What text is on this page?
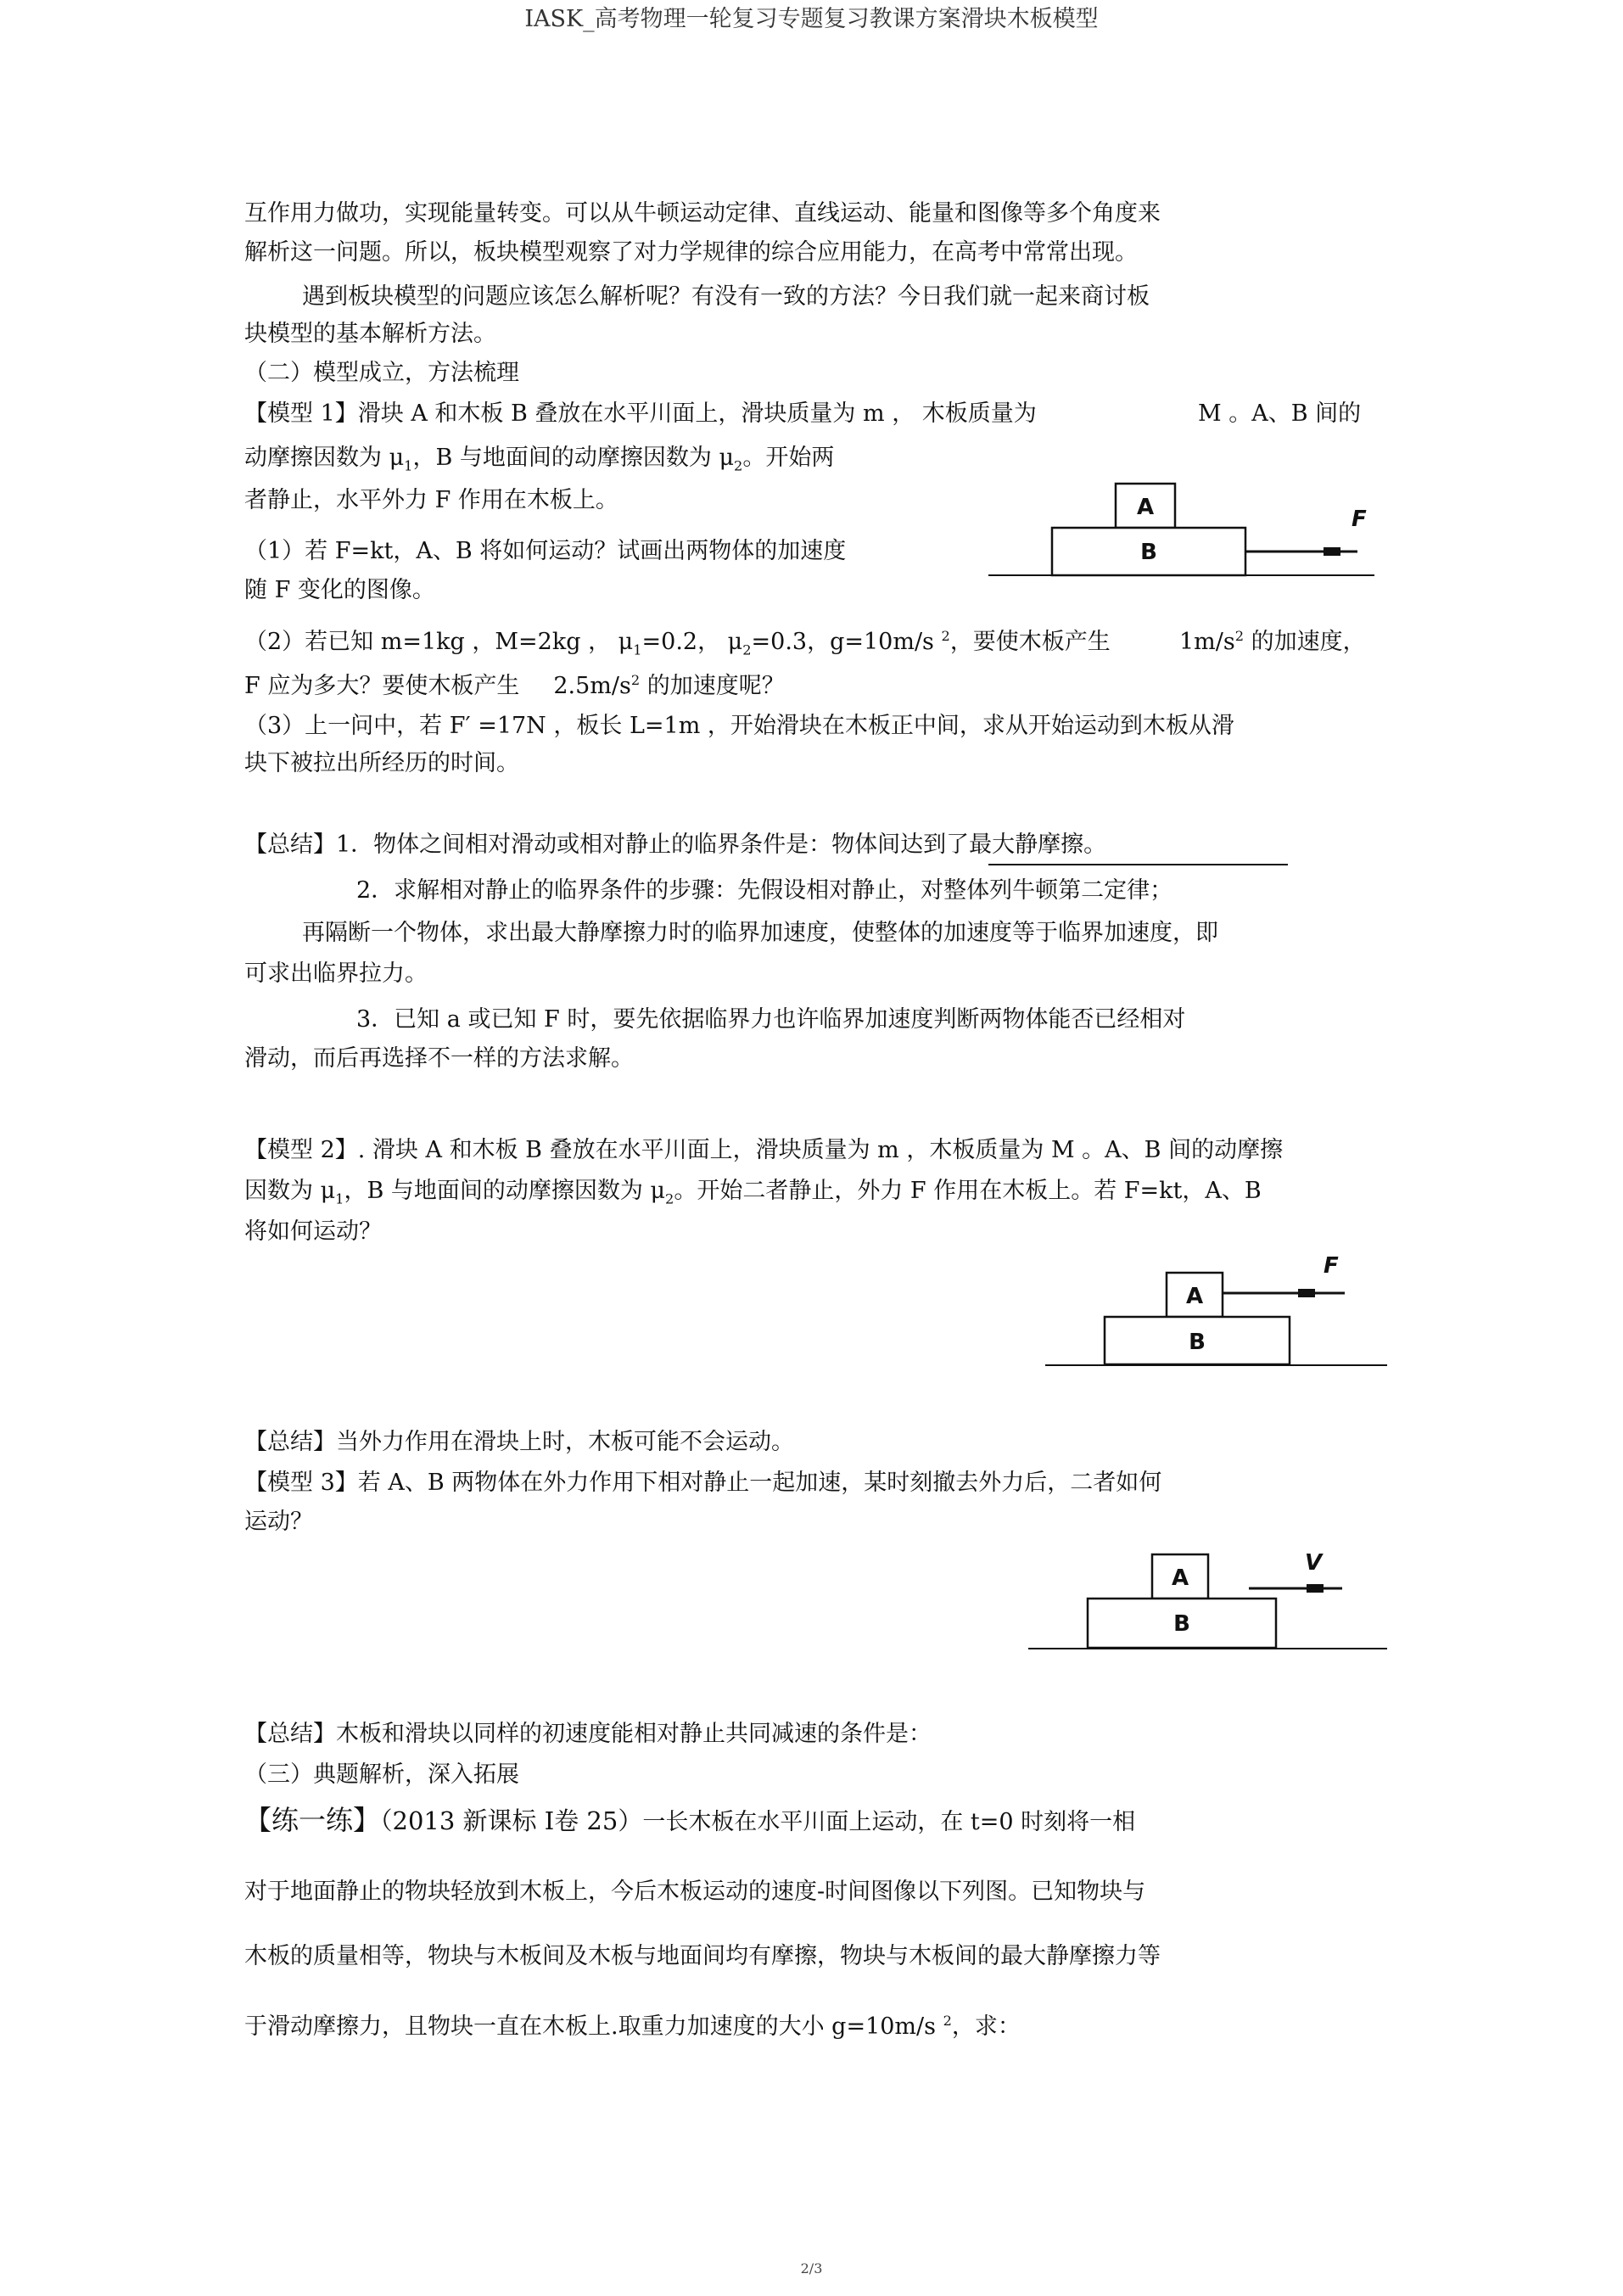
IASK_高考物理一轮复习专题复习教课方案滑块木板模型
互作用力做功，实现能量转变。可以从牛顿运动定律、直线运动、能量和图像等多个角度来
解析这一问题。所以，板块模型观察了对力学规律的综合应用能力，在高考中常常出现。
遇到板块模型的问题应该怎么解析呢？有没有一致的方法？今日我们就一起来商讨板
块模型的基本解析方法。
（二）模型成立，方法梳理
【模型 1】滑块 A 和木板 B 叠放在水平川面上，滑块质量为 m ， 木板质量为	M 。A、B 间的
动摩擦因数为 $\mu_1$，B 与地面间的动摩擦因数为 $\mu_2$。开始两
者静止，水平外力 F 作用在木板上。
（1）若 F=kt，A、B 将如何运动？试画出两物体的加速度
随 F 变化的图像。
（2）若已知 m=1kg ，M=2kg ， $\mu_1=0.2$， $\mu_2=0.3$，g=10m/s $^2$，要使木板产生	$1m/s^2$ 的加速度，
F 应为多大？要使木板产生 $2.5m/s^2$ 的加速度呢？
（3）上一问中，若 F′ =17N ，板长 L=1m ，开始滑块在木板正中间，求从开始运动到木板从滑
块下被拉出所经历的时间。
A
B
F
【总结】1．物体之间相对滑动或相对静止的临界条件是：物体间达到了最大静摩擦。
2．求解相对静止的临界条件的步骤：先假设相对静止，对整体列牛顿第二定律；
再隔断一个物体，求出最大静摩擦力时的临界加速度，使整体的加速度等于临界加速度，即
可求出临界拉力。
3．已知 a 或已知 F 时，要先依据临界力也许临界加速度判断两物体能否已经相对
滑动，而后再选择不一样的方法求解。
【模型 2】. 滑块 A 和木板 B 叠放在水平川面上，滑块质量为 m ，木板质量为 M 。A、B 间的动摩擦
因数为 $\mu_1$，B 与地面间的动摩擦因数为 $\mu_2$。开始二者静止，外力 F 作用在木板上。若 F=kt，A、B
将如何运动？
A
F
B
【总结】当外力作用在滑块上时，木板可能不会运动。
【模型 3】若 A、B 两物体在外力作用下相对静止一起加速，某时刻撤去外力后，二者如何
运动？
A
V
B
【总结】木板和滑块以同样的初速度能相对静止共同减速的条件是：
（三）典题解析，深入拓展
【练一练】（2013 新课标 I卷 25）一长木板在水平川面上运动，在 t=0 时刻将一相
对于地面静止的物块轻放到木板上，今后木板运动的速度-时间图像以下列图。已知物块与
木板的质量相等，物块与木板间及木板与地面间均有摩擦，物块与木板间的最大静摩擦力等
于滑动摩擦力，且物块一直在木板上.取重力加速度的大小 g=10m/s $^2$，求：
2/3
